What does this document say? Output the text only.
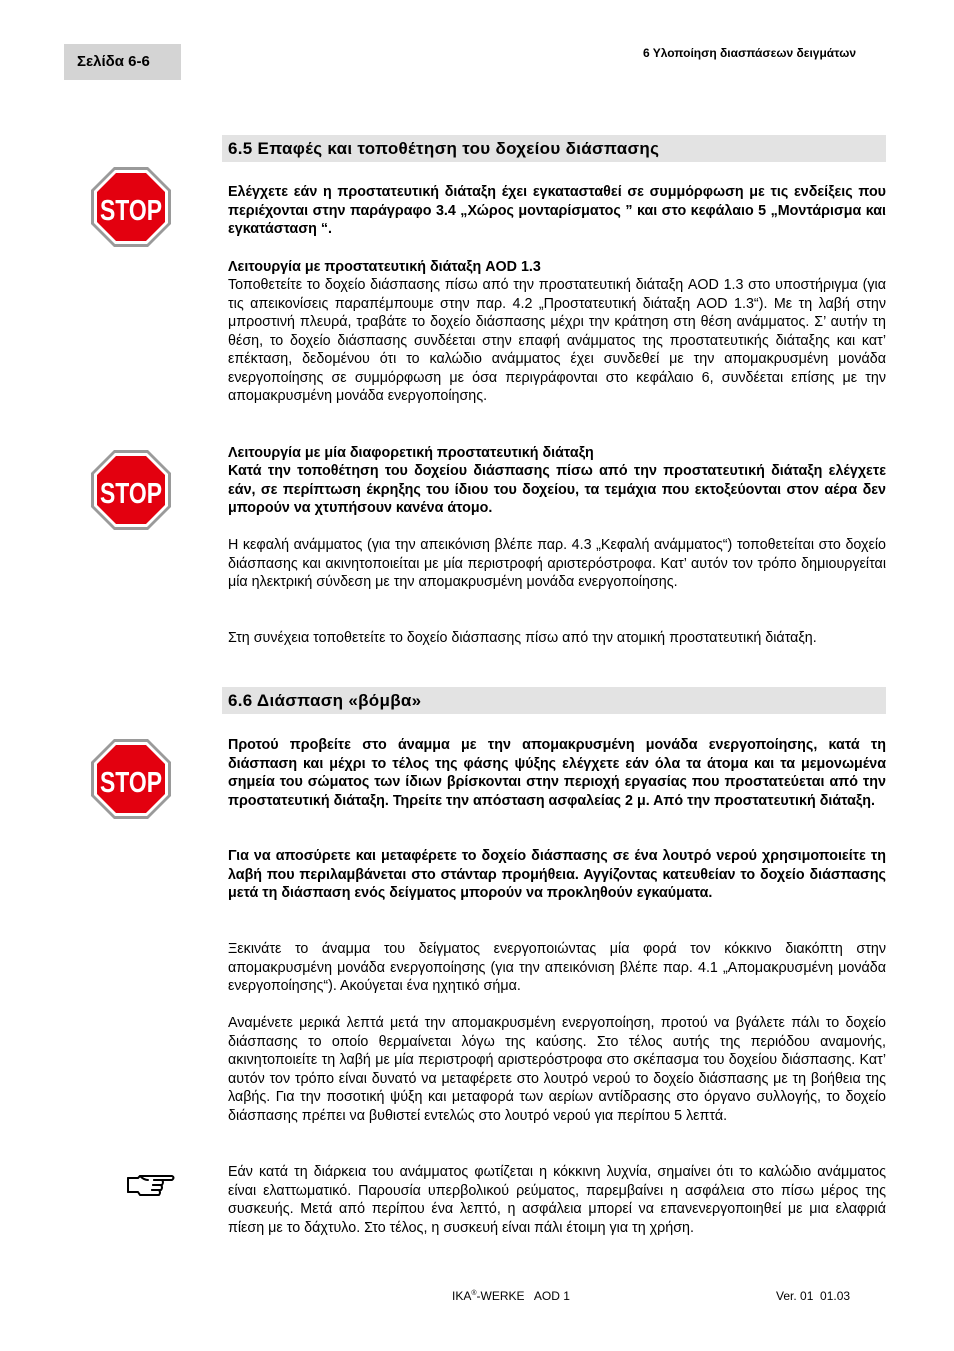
Σελίδα 6-6	6 Υλοποίηση διασπάσεων δειγμάτων
6.5 Επαφές και τοποθέτηση του δοχείου διάσπασης
STOP

Ελέγχετε εάν η προστατευτική διάταξη έχει εγκατασταθεί σε συμμόρφωση με τις ενδείξεις που περιέχονται στην παράγραφο 3.4 „Χώρος μονταρίσματος ” και στο κεφάλαιο 5 „Μοντάρισμα και εγκατάσταση “.

Λειτουργία με προστατευτική διάταξη AOD 1.3

Τοποθετείτε το δοχείο διάσπασης πίσω από την προστατευτική διάταξη AOD 1.3 στο υποστήριγμα (για τις απεικονίσεις παραπέμπουμε στην παρ. 4.2 „Προστατευτική διάταξη AOD 1.3“). Με τη λαβή στην μπροστινή πλευρά, τραβάτε το δοχείο διάσπασης μέχρι την κράτηση στη θέση ανάμματος. Σ’ αυτήν τη θέση, το δοχείο διάσπασης συνδέεται στην επαφή ανάμματος της προστατευτικής διάταξης και κατ’ επέκταση, δεδομένου ότι το καλώδιο ανάμματος έχει συνδεθεί με την απομακρυσμένη μονάδα ενεργοποίησης σε συμμόρφωση με όσα περιγράφονται στο κεφάλαιο 6, συνδέεται επίσης με την απομακρυσμένη μονάδα ενεργοποίησης.

STOP

Λειτουργία με μία διαφορετική προστατευτική διάταξη

Κατά την τοποθέτηση του δοχείου διάσπασης πίσω από την προστατευτική διάταξη ελέγχετε εάν, σε περίπτωση έκρηξης του ίδιου του δοχείου, τα τεμάχια που εκτοξεύονται στον αέρα δεν μπορούν να χτυπήσουν κανένα άτομο.

Η κεφαλή ανάμματος (για την απεικόνιση βλέπε παρ. 4.3 „Κεφαλή ανάμματος“) τοποθετείται στο δοχείο διάσπασης και ακινητοποιείται με μία περιστροφή αριστερόστροφα. Κατ’ αυτόν τον τρόπο δημιουργείται μία ηλεκτρική σύνδεση με την απομακρυσμένη μονάδα ενεργοποίησης.

Στη συνέχεια τοποθετείτε το δοχείο διάσπασης πίσω από την ατομική προστατευτική διάταξη.

6.6 Διάσπαση «βόμβα»
STOP

Προτού προβείτε στο άναμμα με την απομακρυσμένη μονάδα ενεργοποίησης, κατά τη διάσπαση και μέχρι το τέλος της φάσης ψύξης ελέγχετε εάν όλα τα άτομα και τα μεμονωμένα σημεία του σώματος των ίδιων βρίσκονται στην περιοχή εργασίας που προστατεύεται από την προστατευτική διάταξη. Τηρείτε την απόσταση ασφαλείας 2 μ. Από την προστατευτική διάταξη.

Για να αποσύρετε και μεταφέρετε το δοχείο διάσπασης σε ένα λουτρό νερού χρησιμοποιείτε τη λαβή που περιλαμβάνεται στο στάνταρ προμήθεια. Αγγίζοντας κατευθείαν το δοχείο διάσπασης μετά τη διάσπαση ενός δείγματος μπορούν να προκληθούν εγκαύματα.

Ξεκινάτε το άναμμα του δείγματος ενεργοποιώντας μία φορά τον κόκκινο διακόπτη στην απομακρυσμένη μονάδα ενεργοποίησης (για την απεικόνιση βλέπε παρ. 4.1 „Απομακρυσμένη μονάδα ενεργοποίησης“). Ακούγεται ένα ηχητικό σήμα.

Αναμένετε μερικά λεπτά μετά την απομακρυσμένη ενεργοποίηση, προτού να βγάλετε πάλι το δοχείο διάσπασης το οποίο θερμαίνεται λόγω της καύσης. Στο τέλος αυτής της περιόδου αναμονής, ακινητοποιείτε τη λαβή με μία περιστροφή αριστερόστροφα στο σκέπασμα του δοχείου διάσπασης. Κατ’ αυτόν τον τρόπο είναι δυνατό να μεταφέρετε στο λουτρό νερού το δοχείο διάσπασης με τη βοήθεια της λαβής. Για την ποσοτική ψύξη και μεταφορά των αερίων αντίδρασης στο όργανο συλλογής, το δοχείο διάσπασης πρέπει να βυθιστεί εντελώς στο λουτρό νερού για περίπου 5 λεπτά.

Εάν κατά τη διάρκεια του ανάμματος φωτίζεται η κόκκινη λυχνία, σημαίνει ότι το καλώδιο ανάμματος είναι ελαττωματικό. Παρουσία υπερβολικού ρεύματος, παρεμβαίνει η ασφάλεια στο πίσω μέρος της συσκευής. Μετά από περίπου ένα λεπτό, η ασφάλεια μπορεί να επανενεργοποιηθεί με μια ελαφριά πίεση με το δάχτυλο. Στο τέλος, η συσκευή είναι πάλι έτοιμη για τη χρήση.

IKA®-WERKE   AOD 1	Ver. 01  01.03
